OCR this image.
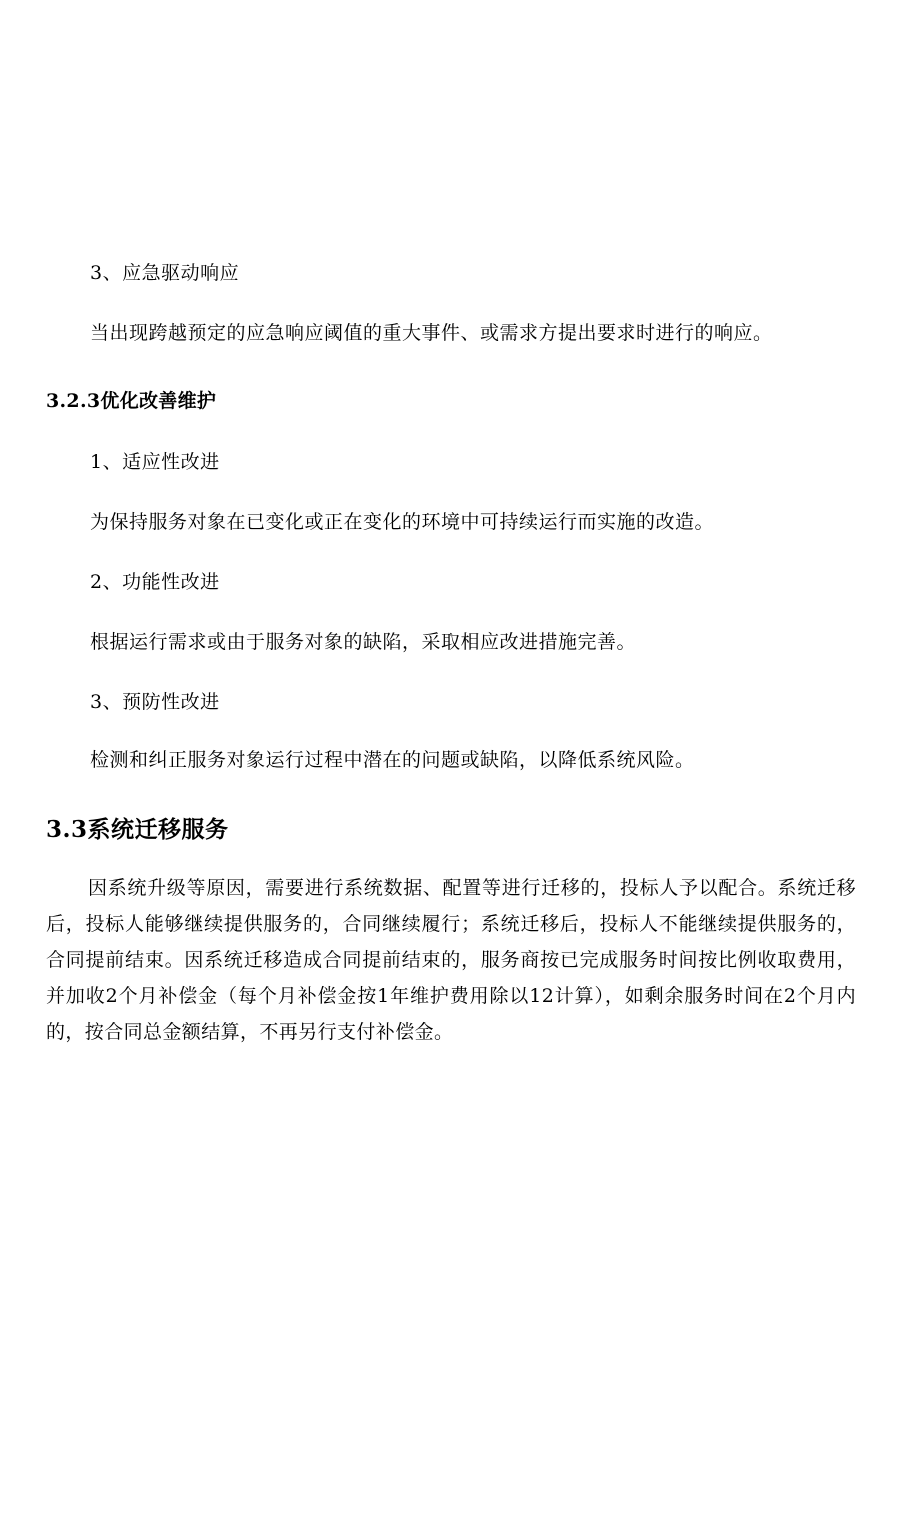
3、应急驱动响应
当出现跨越预定的应急响应阈值的重大事件、或需求方提出要求时进行的响应。
3.2.3优化改善维护
1、适应性改进
为保持服务对象在已变化或正在变化的环境中可持续运行而实施的改造。
2、功能性改进
根据运行需求或由于服务对象的缺陷，采取相应改进措施完善。
3、预防性改进
检测和纠正服务对象运行过程中潜在的问题或缺陷，以降低系统风险。
3.3系统迁移服务
因系统升级等原因，需要进行系统数据、配置等进行迁移的，投标人予以配合。系统迁移后，投标人能够继续提供服务的，合同继续履行；系统迁移后，投标人不能继续提供服务的，合同提前结束。因系统迁移造成合同提前结束的，服务商按已完成服务时间按比例收取费用，并加收2个月补偿金（每个月补偿金按1年维护费用除以12计算），如剩余服务时间在2个月内的，按合同总金额结算，不再另行支付补偿金。
